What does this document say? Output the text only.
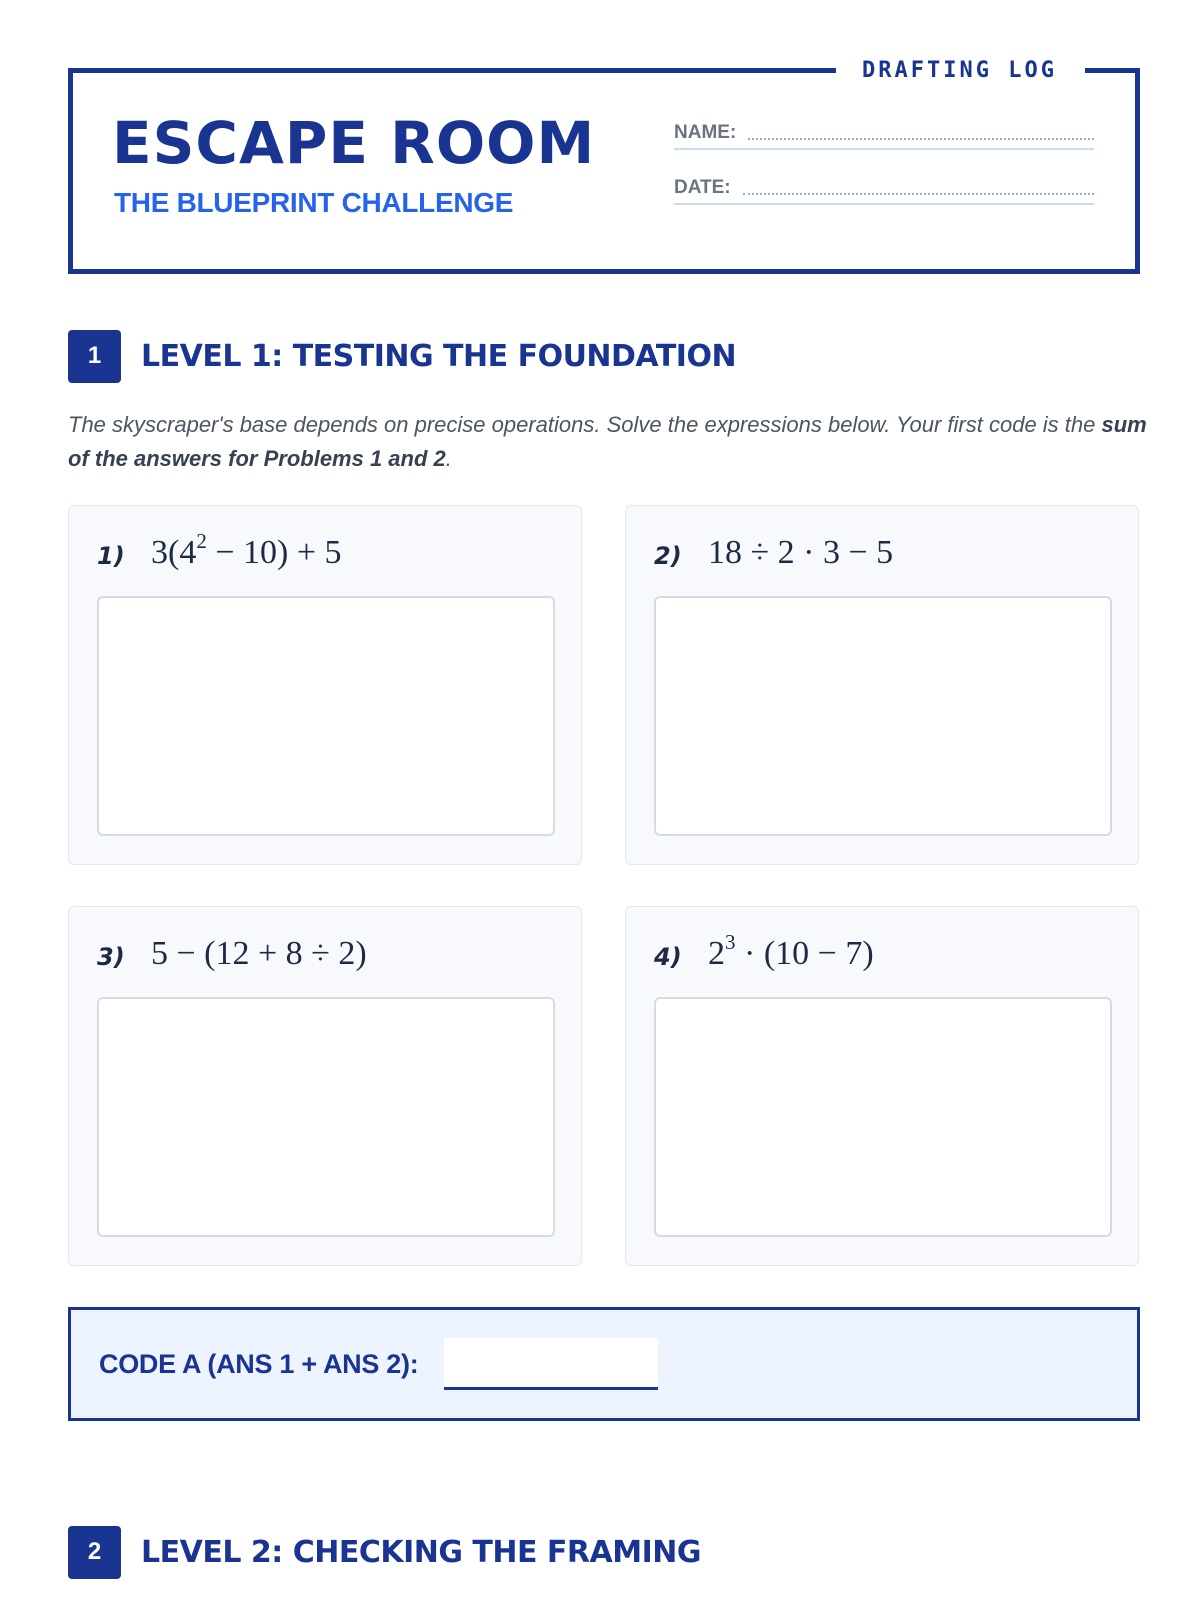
DRAFTING LOG
ESCAPE ROOM
THE BLUEPRINT CHALLENGE
NAME:
DATE:
1	LEVEL 1: TESTING THE FOUNDATION

The skyscraper's base depends on precise operations. Solve the expressions below. Your first code is the sum of the answers for Problems 1 and 2.

1) $3(4^2 - 10) + 5$	2) 18 ÷ 2 · 3 − 5
3) 5 − (12 + 8 ÷ 2)	4) $2^3 \cdot (10 - 7)$
CODE A (ANS 1 + ANS 2):
2	LEVEL 2: CHECKING THE FRAMING
